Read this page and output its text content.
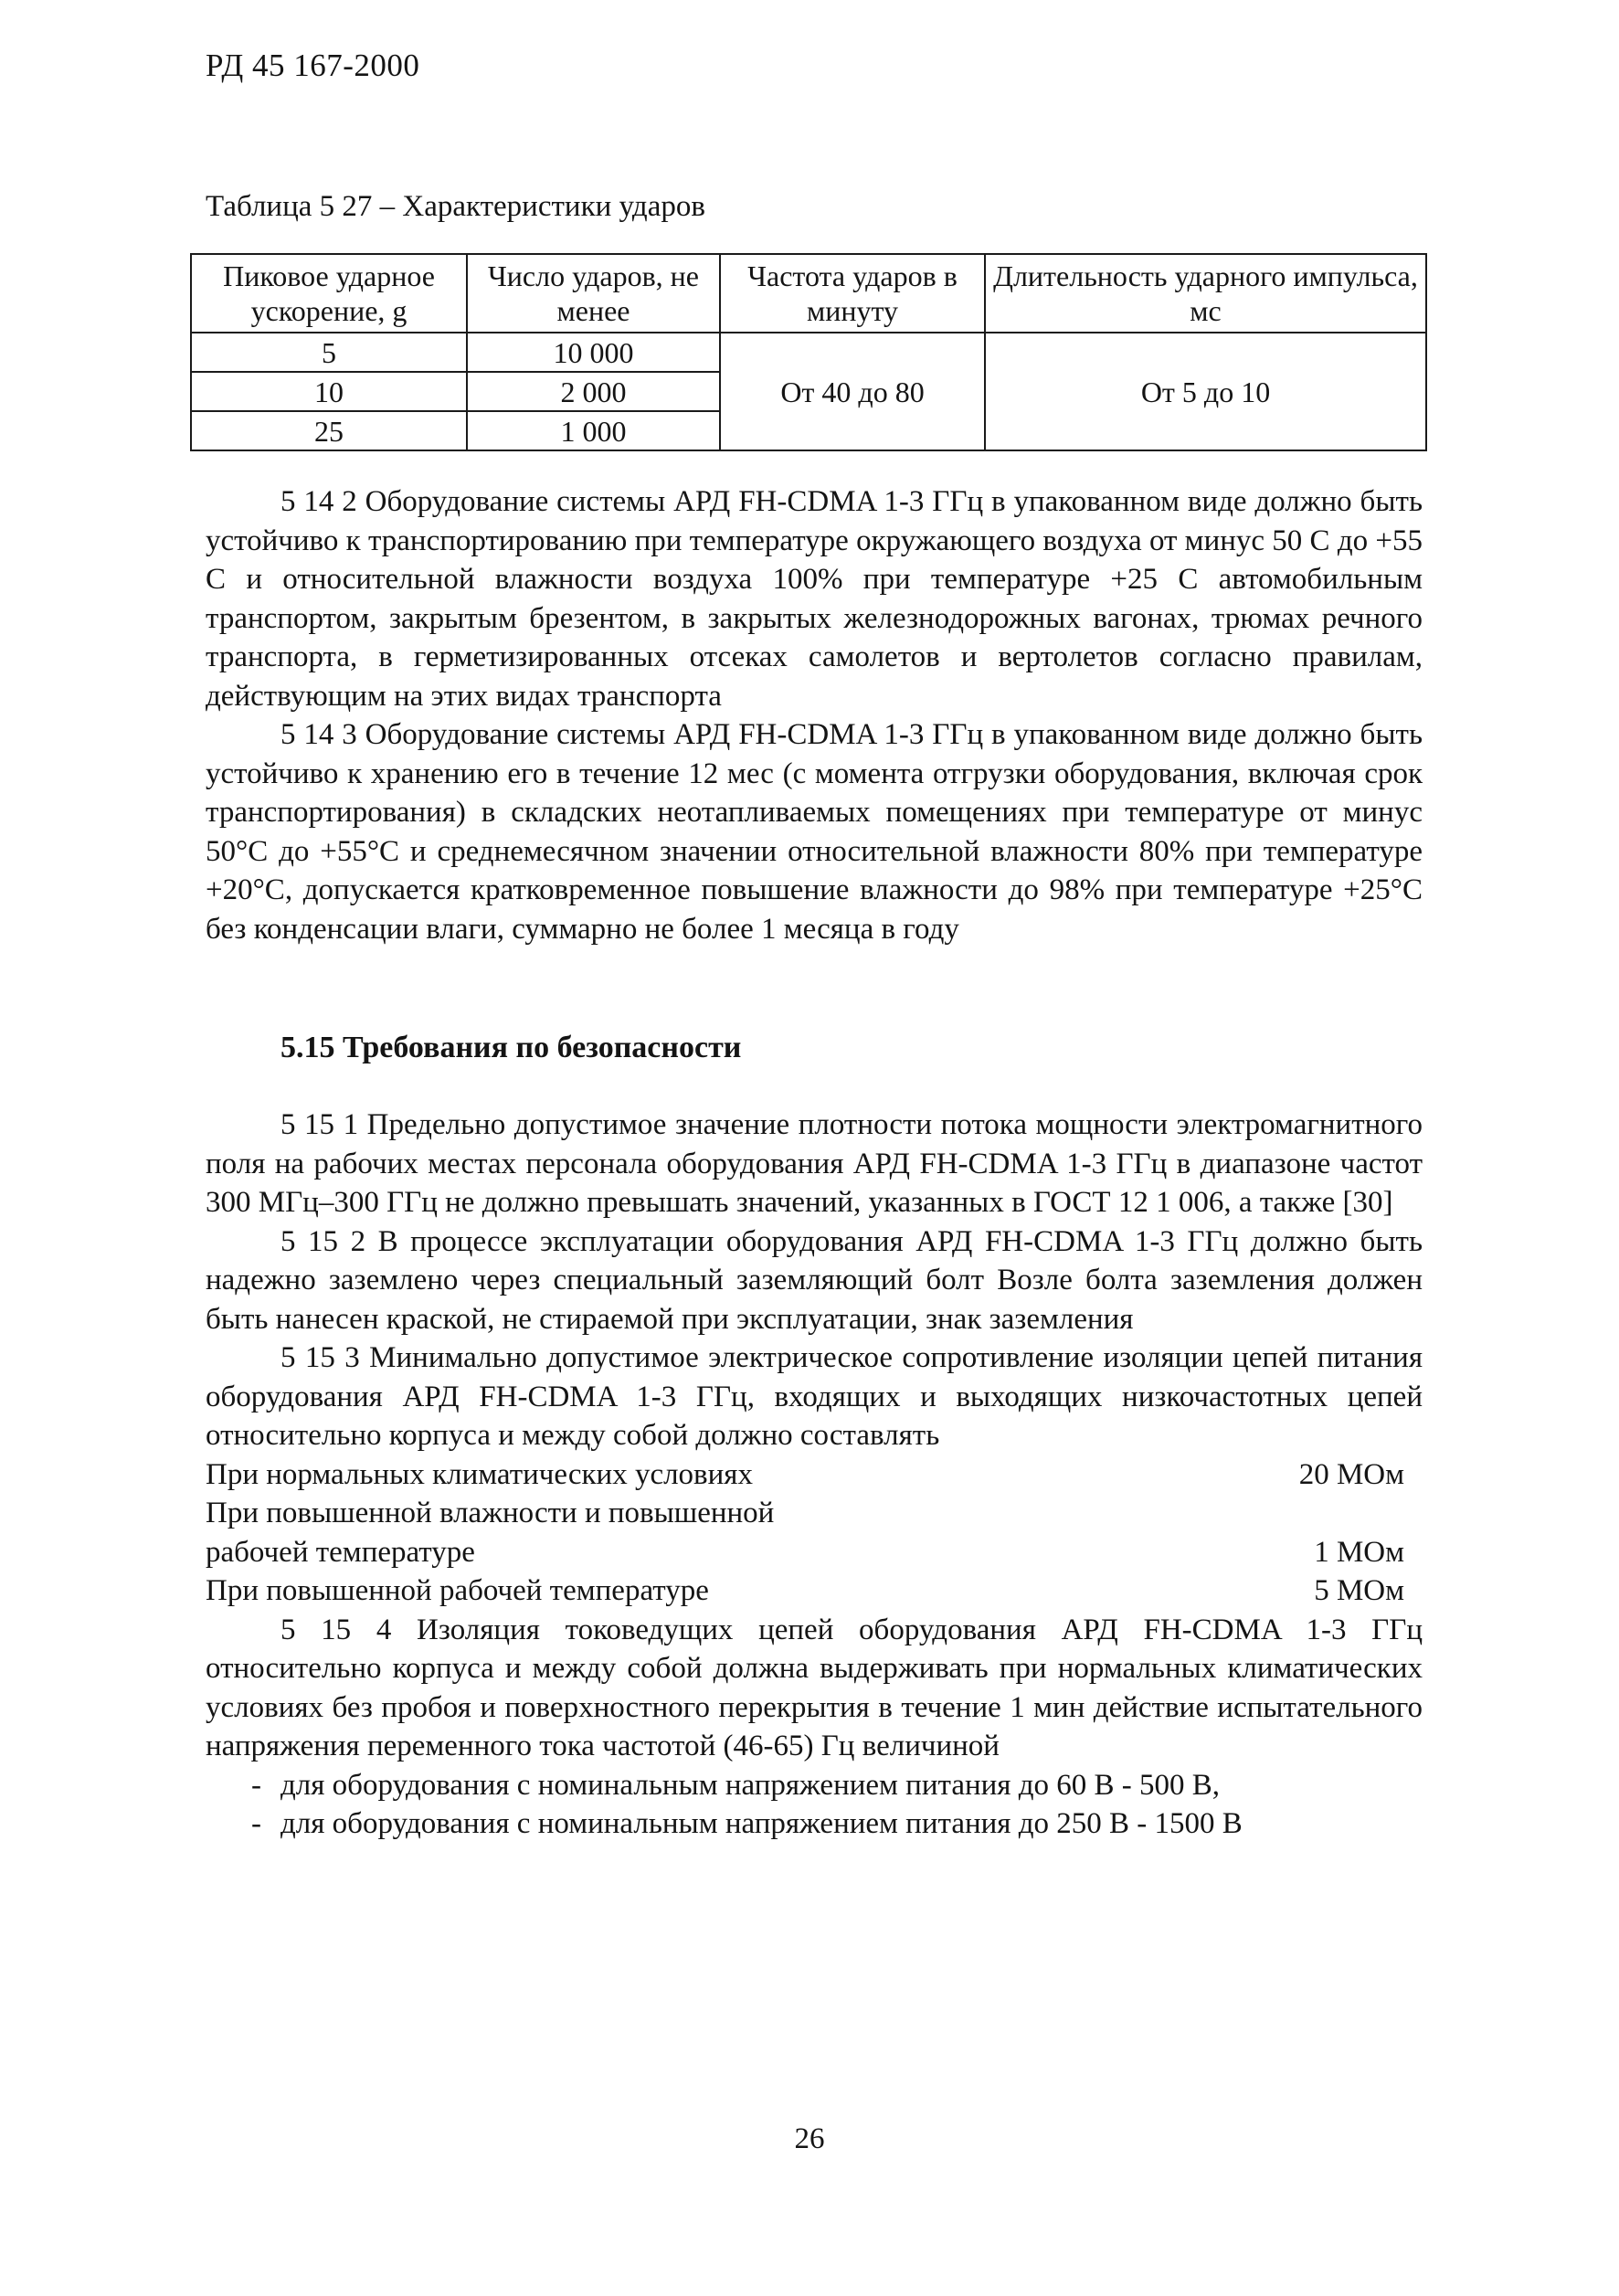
РД 45 167-2000
Таблица 5 27 – Характеристики ударов
Пиковое ударное ускорение, g	Число ударов, не менее	Частота ударов в минуту	Длительность ударного импульса, мс
5	10 000	От 40 до 80	От 5 до 10
10	2 000		
25	1 000		

5 14 2 Оборудование системы АРД FH-CDMA 1-3 ГГц в упакованном виде должно быть устойчиво к транспортированию при температуре окружающего воздуха от минус 50 С до +55 С и относительной влажности воздуха 100% при температуре +25 С автомобильным транспортом, закрытым брезентом, в закрытых железнодорожных вагонах, трюмах речного транспорта, в герметизированных отсеках самолетов и вертолетов согласно правилам, действующим на этих видах транспорта

5 14 3 Оборудование системы АРД FH-CDMA 1-3 ГГц в упакованном виде должно быть устойчиво к хранению его в течение 12 мес (с момента отгрузки оборудования, включая срок транспортирования) в складских неотапливаемых помещениях при температуре от минус 50°С до +55°С и среднемесячном значении относительной влажности 80% при температуре +20°С, допускается кратковременное повышение влажности до 98% при температуре +25°С без конденсации влаги, суммарно не более 1 месяца в году

5.15 Требования по безопасности

5 15 1 Предельно допустимое значение плотности потока мощности электромагнитного поля на рабочих местах персонала оборудования АРД FH-CDMA 1-3 ГГц в диапазоне частот 300 МГц–300 ГГц не должно превышать значений, указанных в ГОСТ 12 1 006, а также [30]

5 15 2 В процессе эксплуатации оборудования АРД FH-CDMA 1-3 ГГц должно быть надежно заземлено через специальный заземляющий болт Возле болта заземления должен быть нанесен краской, не стираемой при эксплуатации, знак заземления

5 15 3 Минимально допустимое электрическое сопротивление изоляции цепей питания оборудования АРД FH-CDMA 1-3 ГГц, входящих и выходящих низкочастотных цепей относительно корпуса и между собой должно составлять

При нормальных климатических условиях	20 МОм
При повышенной влажности и повышенной
рабочей температуре	1 МОм
При повышенной рабочей температуре	5 МОм

5 15 4 Изоляция токоведущих цепей оборудования АРД FH-CDMA 1-3 ГГц относительно корпуса и между собой должна выдерживать при нормальных климатических условиях без пробоя и поверхностного перекрытия в течение 1 мин действие испытательного напряжения переменного тока частотой (46-65) Гц величиной

- для оборудования с номинальным напряжением питания до 60 В - 500 В,
- для оборудования с номинальным напряжением питания до 250 В - 1500 В
26
